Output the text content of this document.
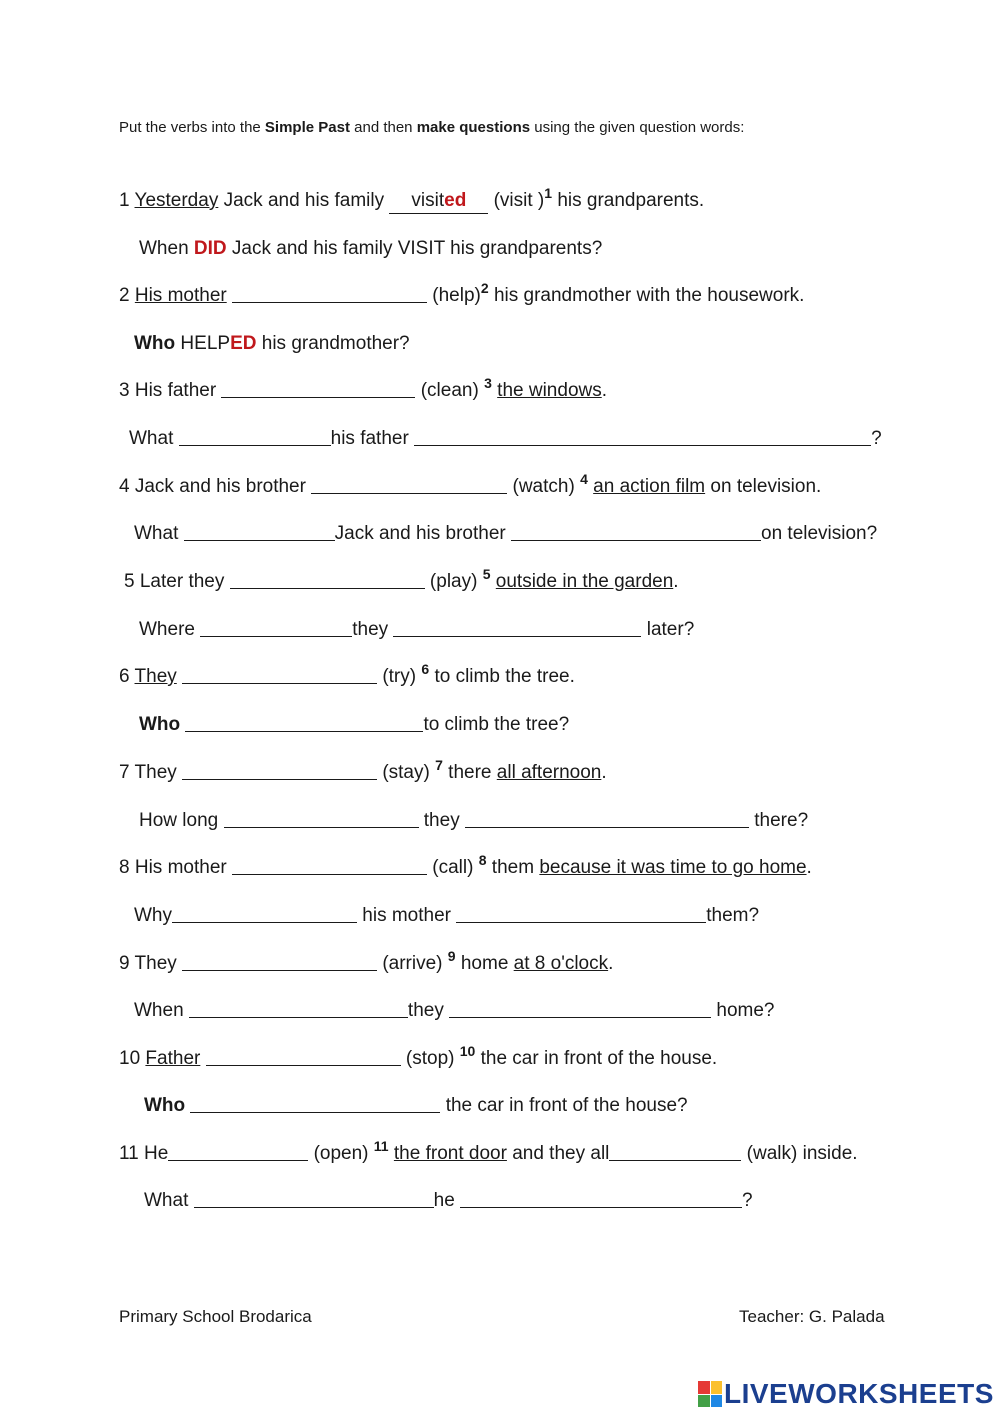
Put the verbs into the Simple Past and then make questions using the given question words:
1 Yesterday Jack and his family visited (visit )$^1$ his grandparents.
When DID Jack and his family VISIT his grandparents?
2 His mother	(help)$^2$ his grandmother with the housework.
Who HELPED his grandmother?
3 His father	(clean) $^3$ the windows.
What	his father	?
4 Jack and his brother	(watch) $^4$ an action film on television.
What	Jack and his brother	on television?
5 Later they	(play) $^5$ outside in the garden.
Where	they	later?
6 They	(try) $^6$ to climb the tree.
Who	to climb the tree?
7 They	(stay) $^7$ there all afternoon.
How long	they	there?
8 His mother	(call) $^8$ them because it was time to go home.
Why	his mother	them?
9 They	(arrive) $^9$ home at 8 o'clock.
When	they	home?
10 Father	(stop) $^{10}$ the car in front of the house.
Who	the car in front of the house?
11 He	(open) $^{11}$ the front door and they all	(walk) inside.
What	he	?
Primary School Brodarica	Teacher: G. Palada
LIVEWORKSHEETS
